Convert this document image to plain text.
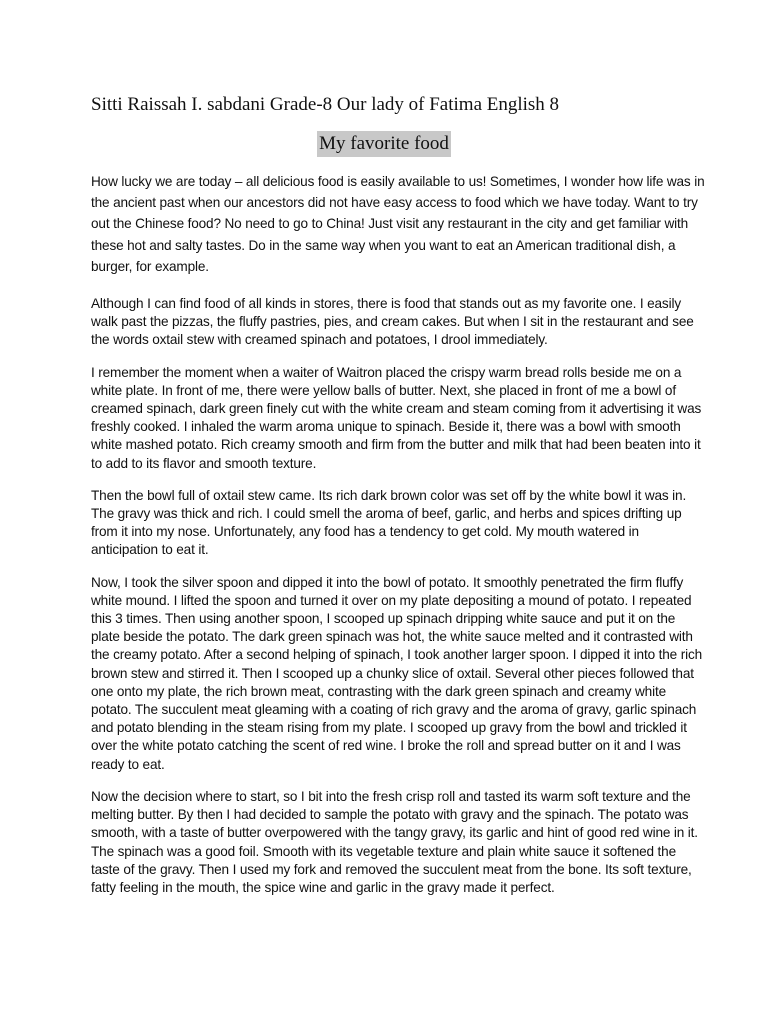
Sitti Raissah I. sabdani Grade-8 Our lady of Fatima English 8
My favorite food

How lucky we are today – all delicious food is easily available to us! Sometimes, I wonder how life was in the ancient past when our ancestors did not have easy access to food which we have today. Want to try out the Chinese food? No need to go to China! Just visit any restaurant in the city and get familiar with these hot and salty tastes. Do in the same way when you want to eat an American traditional dish, a burger, for example.

Although I can find food of all kinds in stores, there is food that stands out as my favorite one. I easily walk past the pizzas, the fluffy pastries, pies, and cream cakes. But when I sit in the restaurant and see the words oxtail stew with creamed spinach and potatoes, I drool immediately.

I remember the moment when a waiter of Waitron placed the crispy warm bread rolls beside me on a white plate. In front of me, there were yellow balls of butter. Next, she placed in front of me a bowl of creamed spinach, dark green finely cut with the white cream and steam coming from it advertising it was freshly cooked. I inhaled the warm aroma unique to spinach. Beside it, there was a bowl with smooth white mashed potato. Rich creamy smooth and firm from the butter and milk that had been beaten into it to add to its flavor and smooth texture.

Then the bowl full of oxtail stew came. Its rich dark brown color was set off by the white bowl it was in. The gravy was thick and rich. I could smell the aroma of beef, garlic, and herbs and spices drifting up from it into my nose. Unfortunately, any food has a tendency to get cold. My mouth watered in anticipation to eat it.

Now, I took the silver spoon and dipped it into the bowl of potato. It smoothly penetrated the firm fluffy white mound. I lifted the spoon and turned it over on my plate depositing a mound of potato. I repeated this 3 times. Then using another spoon, I scooped up spinach dripping white sauce and put it on the plate beside the potato. The dark green spinach was hot, the white sauce melted and it contrasted with the creamy potato. After a second helping of spinach, I took another larger spoon. I dipped it into the rich brown stew and stirred it. Then I scooped up a chunky slice of oxtail. Several other pieces followed that one onto my plate, the rich brown meat, contrasting with the dark green spinach and creamy white potato. The succulent meat gleaming with a coating of rich gravy and the aroma of gravy, garlic spinach and potato blending in the steam rising from my plate. I scooped up gravy from the bowl and trickled it over the white potato catching the scent of red wine. I broke the roll and spread butter on it and I was ready to eat.

Now the decision where to start, so I bit into the fresh crisp roll and tasted its warm soft texture and the melting butter. By then I had decided to sample the potato with gravy and the spinach. The potato was smooth, with a taste of butter overpowered with the tangy gravy, its garlic and hint of good red wine in it. The spinach was a good foil. Smooth with its vegetable texture and plain white sauce it softened the taste of the gravy. Then I used my fork and removed the succulent meat from the bone. Its soft texture, fatty feeling in the mouth, the spice wine and garlic in the gravy made it perfect.
